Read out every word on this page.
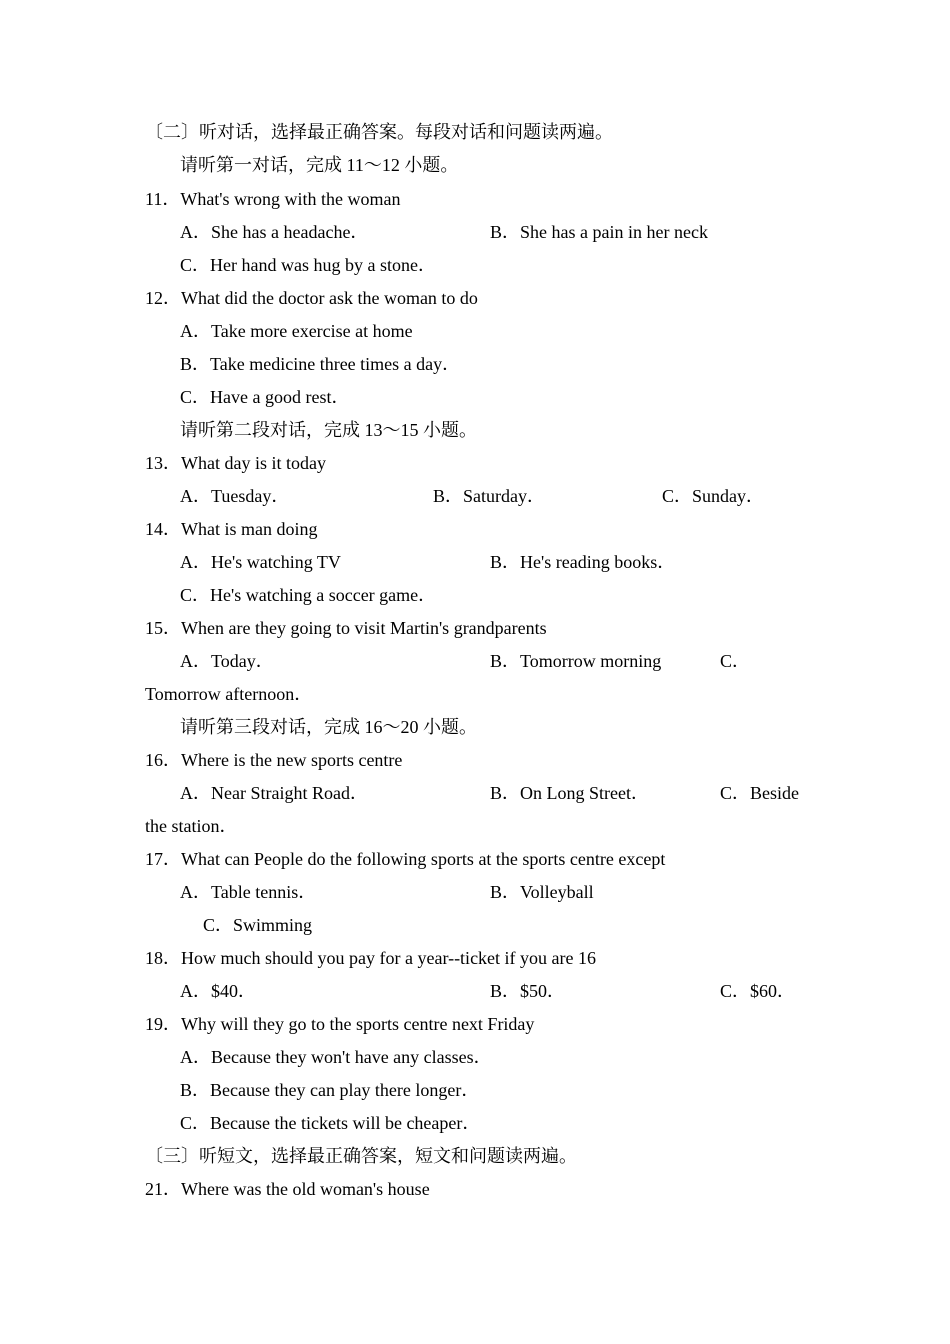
〔二〕听对话，选择最正确答案。每段对话和问题读两遍。
请听第一对话，完成 11～12 小题。
11．What's wrong with the woman
A．She has a headache．	B．She has a pain in her neck
C．Her hand was hug by a stone．
12．What did the doctor ask the woman to do
A．Take more exercise at home
B．Take medicine three times a day．
C．Have a good rest．
请听第二段对话，完成 13～15 小题。
13．What day is it today
A．Tuesday．	B．Saturday．	C．Sunday．
14．What is man doing
A．He's watching TV	B．He's reading books．
C．He's watching a soccer game．
15．When are they going to visit Martin's grandparents
A．Today．	B．Tomorrow morning	C．
Tomorrow afternoon．
请听第三段对话，完成 16～20 小题。
16．Where is the new sports centre
A．Near Straight Road．	B．On Long Street．	C．Beside
the station．
17．What can People do the following sports at the sports centre except
A．Table tennis．	B．Volleyball
C．Swimming
18．How much should you pay for a year--ticket if you are 16
A．$40．	B．$50．	C．$60．
19．Why will they go to the sports centre next Friday
A．Because they won't have any classes．
B．Because they can play there longer．
C．Because the tickets will be cheaper．
〔三〕听短文，选择最正确答案，短文和问题读两遍。
21．Where was the old woman's house
